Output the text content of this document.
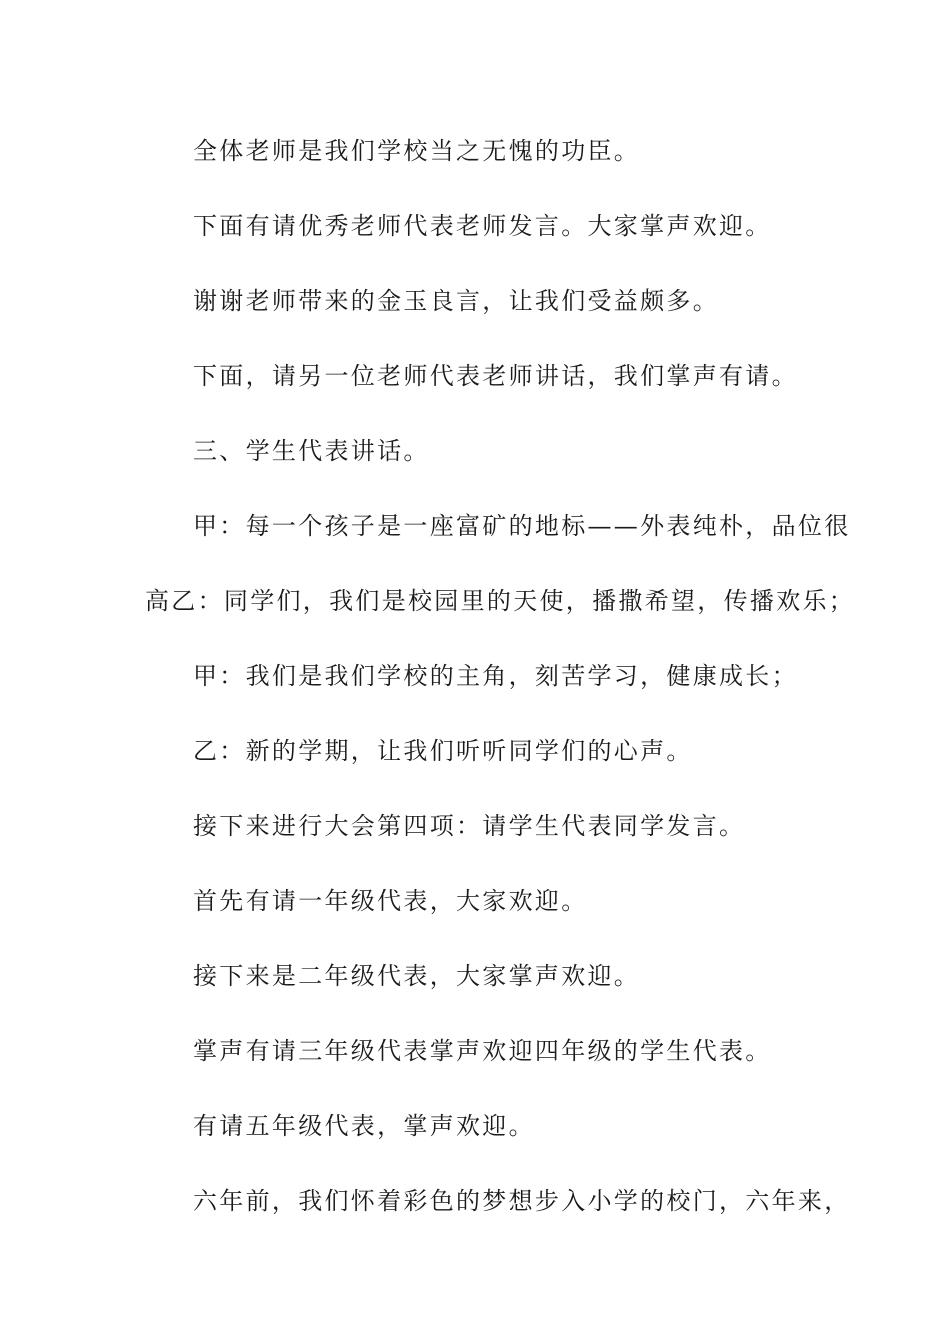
全体老师是我们学校当之无愧的功臣。
下面有请优秀老师代表老师发言。大家掌声欢迎。
谢谢老师带来的金玉良言，让我们受益颇多。
下面，请另一位老师代表老师讲话，我们掌声有请。
三、学生代表讲话。
甲：每一个孩子是一座富矿的地标——外表纯朴，品位很
高乙：同学们，我们是校园里的天使，播撒希望，传播欢乐；
甲：我们是我们学校的主角，刻苦学习，健康成长；
乙：新的学期，让我们听听同学们的心声。
接下来进行大会第四项：请学生代表同学发言。
首先有请一年级代表，大家欢迎。
接下来是二年级代表，大家掌声欢迎。
掌声有请三年级代表掌声欢迎四年级的学生代表。
有请五年级代表，掌声欢迎。
六年前，我们怀着彩色的梦想步入小学的校门，六年来，
